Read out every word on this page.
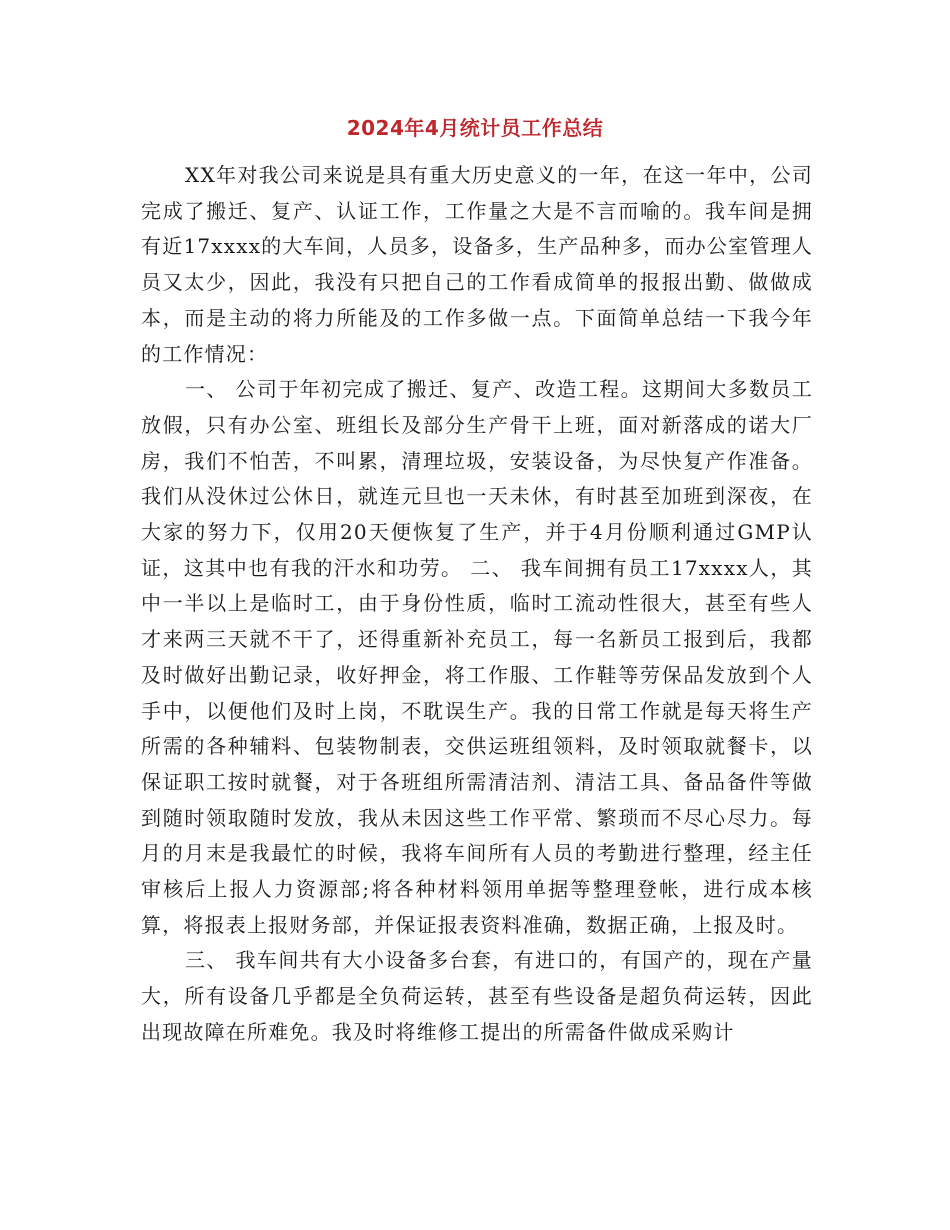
2024年4月统计员工作总结

XX年对我公司来说是具有重大历史意义的一年，在这一年中，公司完成了搬迁、复产、认证工作，工作量之大是不言而喻的。我车间是拥有近17xxxx的大车间，人员多，设备多，生产品种多，而办公室管理人员又太少，因此，我没有只把自己的工作看成简单的报报出勤、做做成本，而是主动的将力所能及的工作多做一点。下面简单总结一下我今年的工作情况：

一、 公司于年初完成了搬迁、复产、改造工程。这期间大多数员工放假，只有办公室、班组长及部分生产骨干上班，面对新落成的诺大厂房，我们不怕苦，不叫累，清理垃圾，安装设备，为尽快复产作准备。我们从没休过公休日，就连元旦也一天未休，有时甚至加班到深夜，在大家的努力下，仅用20天便恢复了生产，并于4月份顺利通过GMP认证，这其中也有我的汗水和功劳。 二、 我车间拥有员工17xxxx人，其中一半以上是临时工，由于身份性质，临时工流动性很大，甚至有些人才来两三天就不干了，还得重新补充员工，每一名新员工报到后，我都及时做好出勤记录，收好押金，将工作服、工作鞋等劳保品发放到个人手中，以便他们及时上岗，不耽误生产。我的日常工作就是每天将生产所需的各种辅料、包装物制表，交供运班组领料，及时领取就餐卡，以保证职工按时就餐，对于各班组所需清洁剂、清洁工具、备品备件等做到随时领取随时发放，我从未因这些工作平常、繁琐而不尽心尽力。每月的月末是我最忙的时候，我将车间所有人员的考勤进行整理，经主任审核后上报人力资源部;将各种材料领用单据等整理登帐，进行成本核算，将报表上报财务部，并保证报表资料准确，数据正确，上报及时。

三、 我车间共有大小设备多台套，有进口的，有国产的，现在产量大，所有设备几乎都是全负荷运转，甚至有些设备是超负荷运转，因此出现故障在所难免。我及时将维修工提出的所需备件做成采购计
